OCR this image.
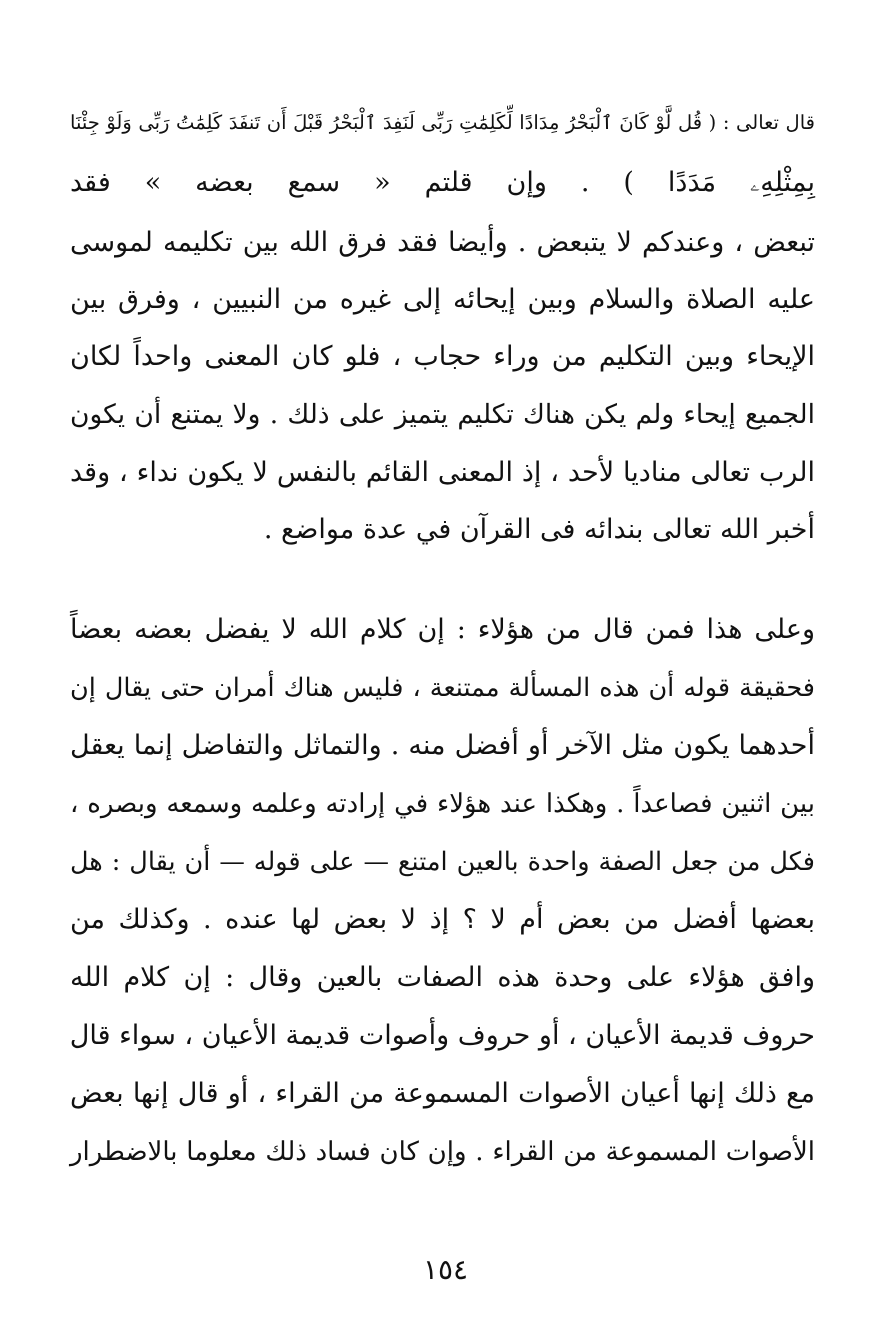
قال تعالى : ( قُل لَّوْ كَانَ ٱلْبَحْرُ مِدَادًا لِّكَلِمَٰتِ رَبِّى لَنَفِدَ ٱلْبَحْرُ قَبْلَ أَن تَنفَدَ كَلِمَٰتُ رَبِّى وَلَوْ جِئْنَا
بِمِثْلِهِۦ مَدَدًا ) . وإن قلتم « سمع بعضه » فقد
تبعض ، وعندكم لا يتبعض . وأيضا فقد فرق الله بين تكليمه لموسى
عليه الصلاة والسلام وبين إيحائه إلى غيره من النبيين ، وفرق بين
الإيحاء وبين التكليم من وراء حجاب ، فلو كان المعنى واحداً لكان
الجميع إيحاء ولم يكن هناك تكليم يتميز على ذلك . ولا يمتنع أن يكون
الرب تعالى مناديا لأحد ، إذ المعنى القائم بالنفس لا يكون نداء ، وقد
أخبر الله تعالى بندائه فى القرآن في عدة مواضع .
وعلى هذا فمن قال من هؤلاء : إن كلام الله لا يفضل بعضه بعضاً
فحقيقة قوله أن هذه المسألة ممتنعة ، فليس هناك أمران حتى يقال إن
أحدهما يكون مثل الآخر أو أفضل منه . والتماثل والتفاضل إنما يعقل
بين اثنين فصاعداً . وهكذا عند هؤلاء في إرادته وعلمه وسمعه وبصره ،
فكل من جعل الصفة واحدة بالعين امتنع — على قوله — أن يقال : هل
بعضها أفضل من بعض أم لا ؟ إذ لا بعض لها عنده . وكذلك من
وافق هؤلاء على وحدة هذه الصفات بالعين وقال : إن كلام الله
حروف قديمة الأعيان ، أو حروف وأصوات قديمة الأعيان ، سواء قال
مع ذلك إنها أعيان الأصوات المسموعة من القراء ، أو قال إنها بعض
الأصوات المسموعة من القراء . وإن كان فساد ذلك معلوما بالاضطرار
١٥٤
